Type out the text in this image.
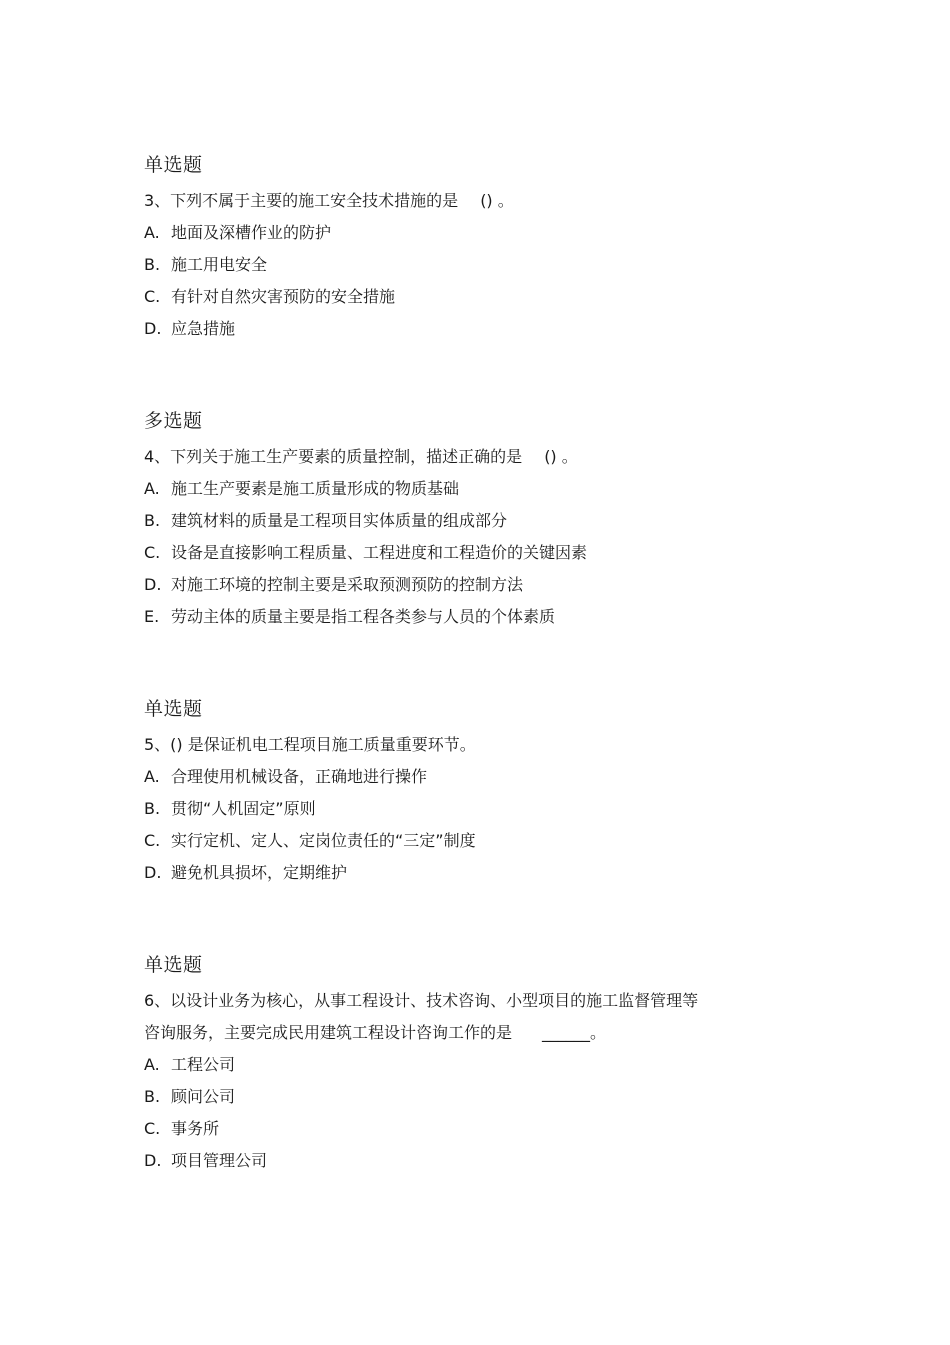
单选题
3、下列不属于主要的施工安全技术措施的是 () 。
A. 地面及深槽作业的防护
B. 施工用电安全
C. 有针对自然灾害预防的安全措施
D. 应急措施
多选题
4、下列关于施工生产要素的质量控制，描述正确的是 () 。
A. 施工生产要素是施工质量形成的物质基础
B. 建筑材料的质量是工程项目实体质量的组成部分
C. 设备是直接影响工程质量、工程进度和工程造价的关键因素
D. 对施工环境的控制主要是采取预测预防的控制方法
E. 劳动主体的质量主要是指工程各类参与人员的个体素质
单选题
5、() 是保证机电工程项目施工质量重要环节。
A. 合理使用机械设备，正确地进行操作
B. 贯彻“人机固定”原则
C. 实行定机、定人、定岗位责任的“三定”制度
D. 避免机具损坏，定期维护
单选题
6、以设计业务为核心，从事工程设计、技术咨询、小型项目的施工监督管理等
咨询服务，主要完成民用建筑工程设计咨询工作的是 ______。
A. 工程公司
B. 顾问公司
C. 事务所
D. 项目管理公司
